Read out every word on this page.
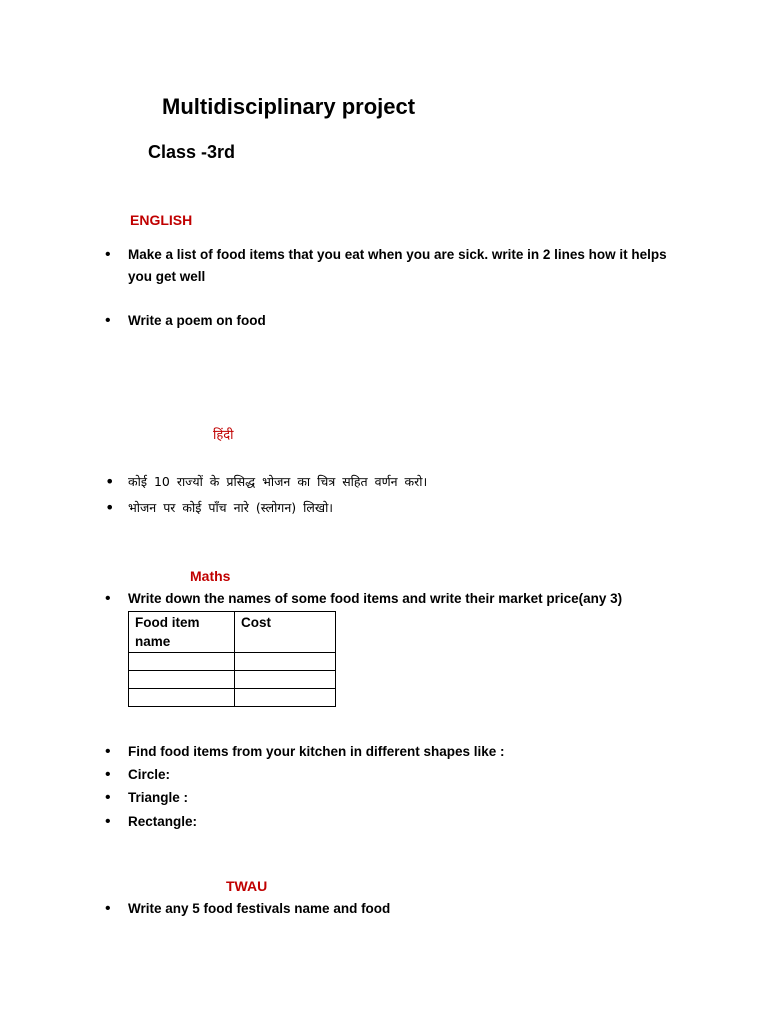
Multidisciplinary project
Class -3rd
ENGLISH
• Make a list of food items that you eat when you are sick. write in 2 lines how it helps you get well
• Write a poem on food
हिंदी
• कोई 10 राज्यों के प्रसिद्ध भोजन का चित्र सहित वर्णन करो।
• भोजन पर कोई पाँच नारे (स्लोगन) लिखो।
Maths
• Write down the names of some food items and write their market price(any 3)
Food item name	Cost

• Find food items from your kitchen in different shapes like :
• Circle:
• Triangle :
• Rectangle:
TWAU
• Write any 5 food festivals name and food
